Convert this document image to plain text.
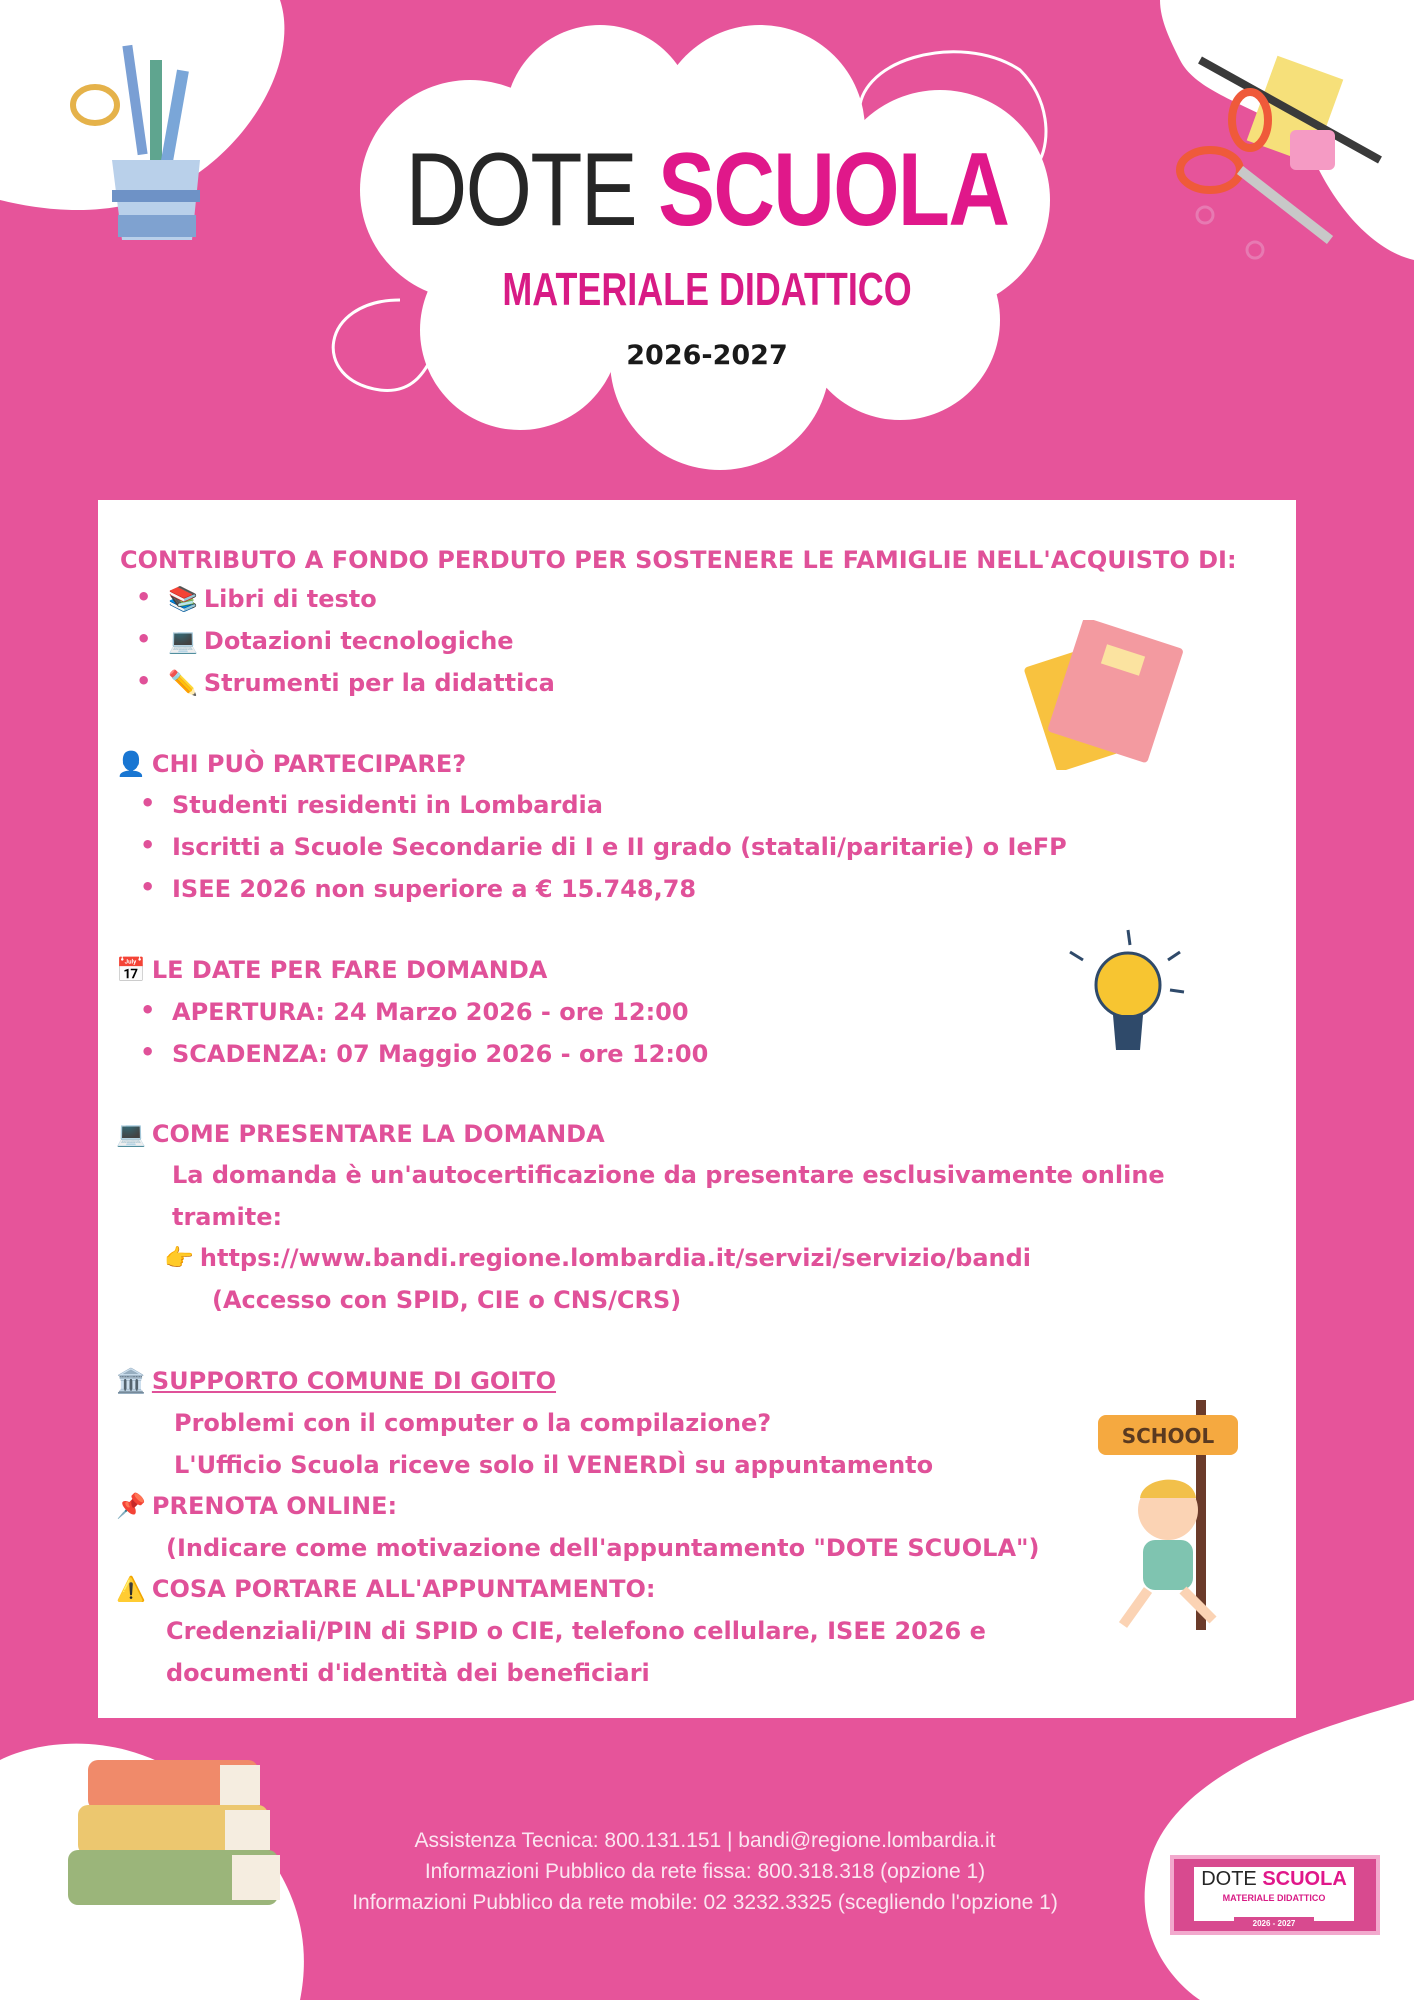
DOTE SCUOLA
MATERIALE DIDATTICO
2026-2027
CONTRIBUTO A FONDO PERDUTO PER SOSTENERE LE FAMIGLIE NELL'ACQUISTO DI:
• 📚 Libri di testo
• 💻 Dotazioni tecnologiche
• ✏️ Strumenti per la didattica
👤 CHI PUÒ PARTECIPARE?
• Studenti residenti in Lombardia
• Iscritti a Scuole Secondarie di I e II grado (statali/paritarie) o IeFP
• ISEE 2026 non superiore a € 15.748,78
📅 LE DATE PER FARE DOMANDA
• APERTURA: 24 Marzo 2026 - ore 12:00
• SCADENZA: 07 Maggio 2026 - ore 12:00
💻 COME PRESENTARE LA DOMANDA
La domanda è un'autocertificazione da presentare esclusivamente online
tramite:
👉 https://www.bandi.regione.lombardia.it/servizi/servizio/bandi
(Accesso con SPID, CIE o CNS/CRS)
🏛️ SUPPORTO COMUNE DI GOITO
Problemi con il computer o la compilazione?
L'Ufficio Scuola riceve solo il VENERDÌ su appuntamento
📌 PRENOTA ONLINE:
(Indicare come motivazione dell'appuntamento "DOTE SCUOLA")
⚠️ COSA PORTARE ALL'APPUNTAMENTO:
Credenziali/PIN di SPID o CIE, telefono cellulare, ISEE 2026 e
documenti d'identità dei beneficiari
SCHOOL
Assistenza Tecnica: 800.131.151 | bandi@regione.lombardia.it
Informazioni Pubblico da rete fissa: 800.318.318 (opzione 1)
Informazioni Pubblico da rete mobile: 02 3232.3325 (scegliendo l'opzione 1)
DOTE SCUOLA
MATERIALE DIDATTICO
2026 - 2027
